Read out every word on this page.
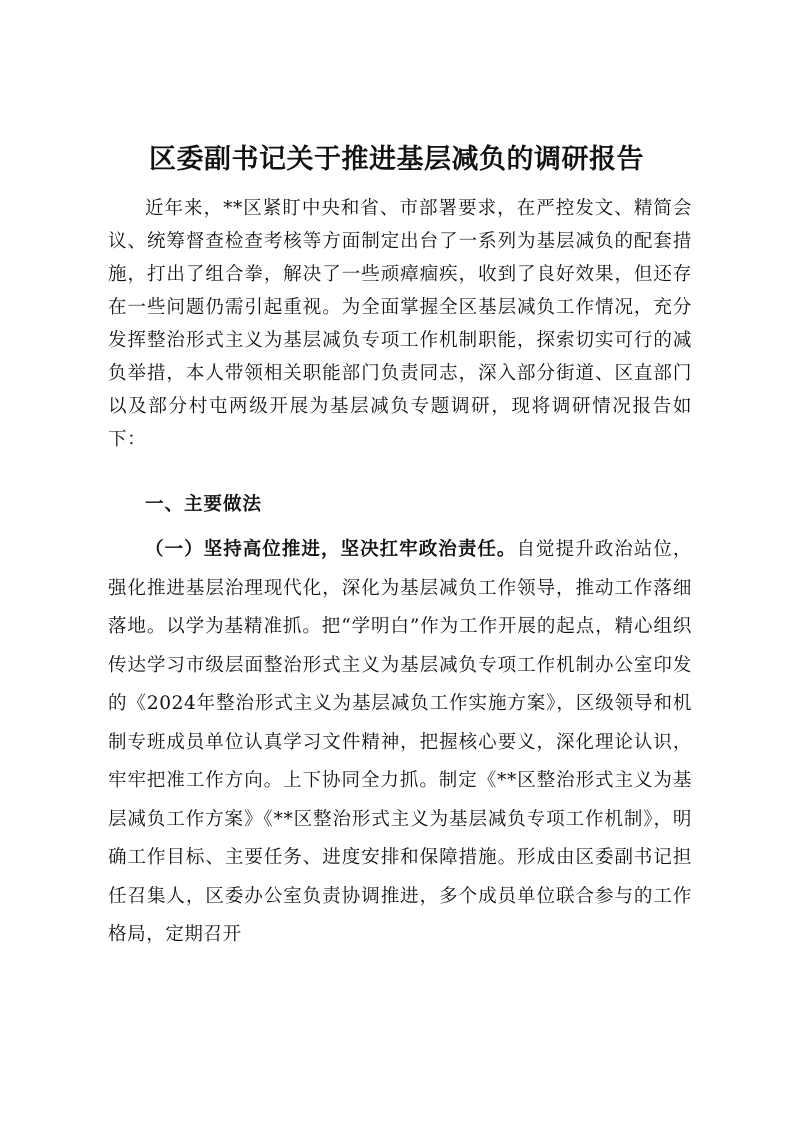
区委副书记关于推进基层减负的调研报告

近年来，**区紧盯中央和省、市部署要求，在严控发文、精简会议、统筹督查检查考核等方面制定出台了一系列为基层减负的配套措施，打出了组合拳，解决了一些顽瘴痼疾，收到了良好效果，但还存在一些问题仍需引起重视。为全面掌握全区基层减负工作情况，充分发挥整治形式主义为基层减负专项工作机制职能，探索切实可行的减负举措，本人带领相关职能部门负责同志，深入部分街道、区直部门以及部分村屯两级开展为基层减负专题调研，现将调研情况报告如下：

一、主要做法

（一）坚持高位推进，坚决扛牢政治责任。自觉提升政治站位，强化推进基层治理现代化，深化为基层减负工作领导，推动工作落细落地。以学为基精准抓。把“学明白”作为工作开展的起点，精心组织传达学习市级层面整治形式主义为基层减负专项工作机制办公室印发的《2024年整治形式主义为基层减负工作实施方案》，区级领导和机制专班成员单位认真学习文件精神，把握核心要义，深化理论认识，牢牢把准工作方向。上下协同全力抓。制定《**区整治形式主义为基层减负工作方案》《**区整治形式主义为基层减负专项工作机制》，明确工作目标、主要任务、进度安排和保障措施。形成由区委副书记担任召集人，区委办公室负责协调推进，多个成员单位联合参与的工作格局，定期召开
